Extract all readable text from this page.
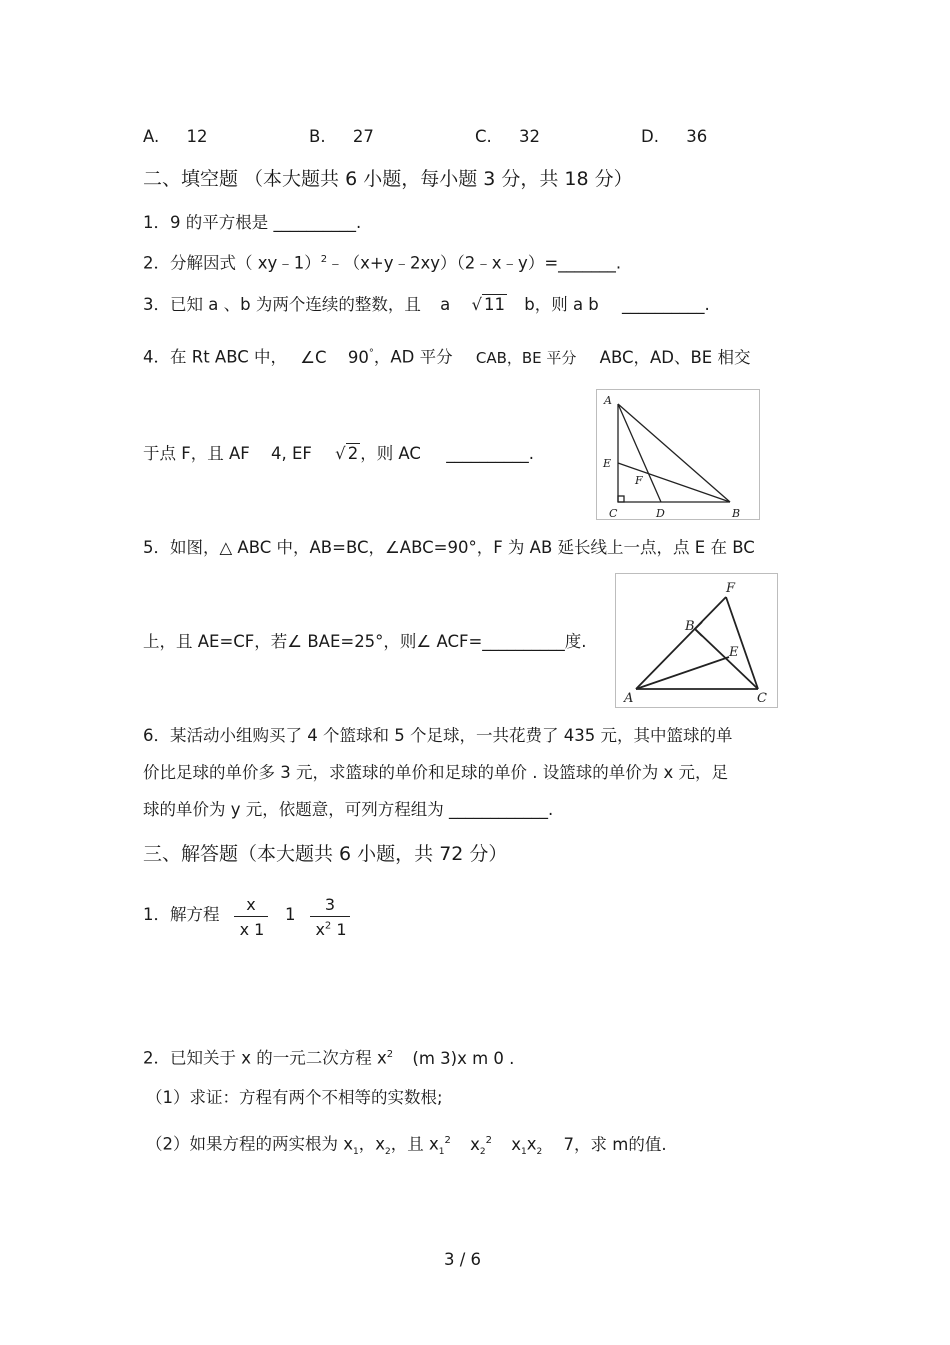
A. 12	B. 27	C. 32	D. 36
二、填空题 （本大题共 6 小题，每小题 3 分，共 18 分）
1．9 的平方根是 __________.
2．分解因式（ xy﹣1）$^2$﹣（x+y﹣2xy）（2﹣x﹣y）=_______.
3．已知 a 、b 为两个连续的整数，且 a √ 11 b，则 a b __________.
4．在 Rt ABC 中， ∠C 90°，AD 平分 CAB，BE 平分 ABC，AD、BE 相交
于点 F，且 AF 4, EF √ 2 ，则 AC __________.
A
E
F
C	D	B
5．如图，△ ABC 中，AB=BC，∠ABC=90°，F 为 AB 延长线上一点，点 E 在 BC
上，且 AE=CF，若∠ BAE=25°，则∠ ACF=__________度.
F
B
E
A	C
6．某活动小组购买了 4 个篮球和 5 个足球，一共花费了 435 元，其中篮球的单
价比足球的单价多 3 元，求篮球的单价和足球的单价 . 设篮球的单价为 x 元，足
球的单价为 y 元，依题意，可列方程组为 ____________.
三、解答题（本大题共 6 小题，共 72 分）
1．解方程
x
x 1
1
3
$x^2$ 1
2．已知关于 x 的一元二次方程 $x^2$ (m 3)x m 0 .
（1）求证：方程有两个不相等的实数根;
（2）如果方程的两实根为 $x_1$，$x_2$，且 $x_1^2$ $x_2^2$ $x_1x_2$ 7，求 m的值.
3 / 6
